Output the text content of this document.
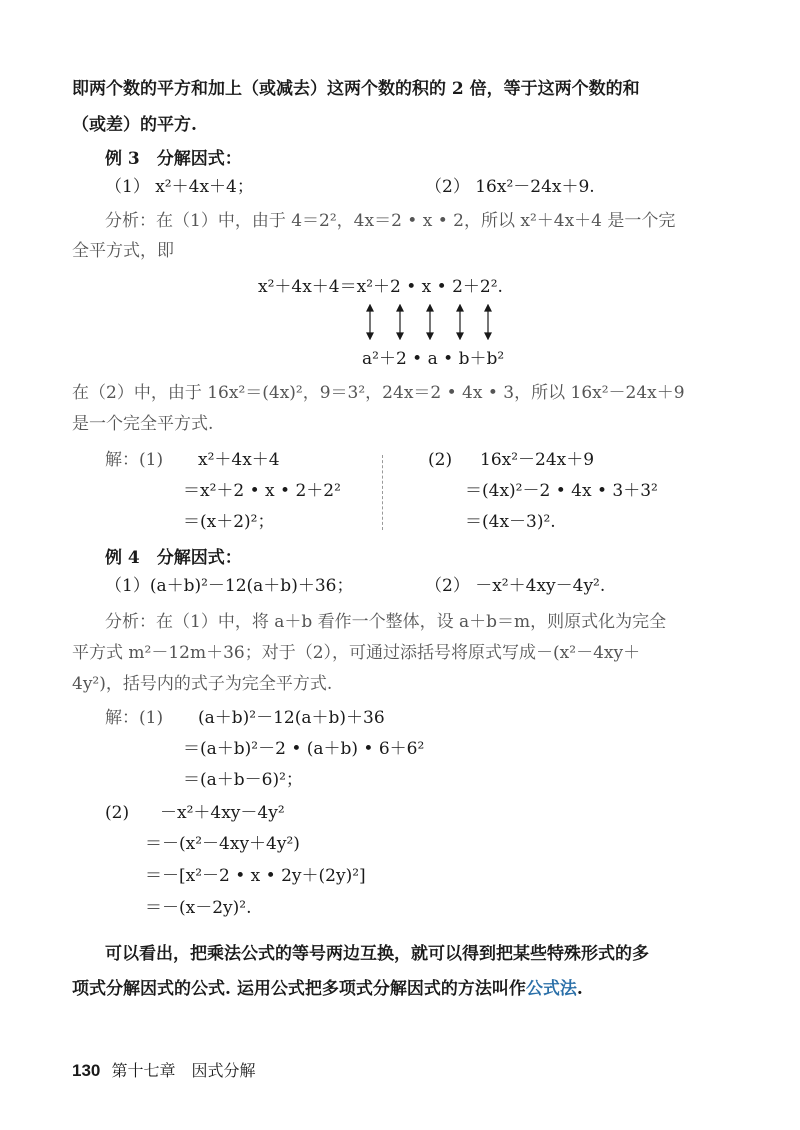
即两个数的平方和加上（或减去）这两个数的积的 2 倍，等于这两个数的和
（或差）的平方.
例 3　分解因式：
（1） x²＋4x＋4；	（2） 16x²－24x＋9.
分析：在（1）中，由于 4＝2²，4x＝2 • x • 2，所以 x²＋4x＋4 是一个完
全平方式，即
x²＋4x＋4＝x²＋2 • x • 2＋2².
a²＋2 • a • b＋b²
在（2）中，由于 16x²＝(4x)²，9＝3²，24x＝2 • 4x • 3，所以 16x²－24x＋9
是一个完全平方式.
解：(1) x²＋4x＋4
＝x²＋2 • x • 2＋2²
＝(x＋2)²；
(2) 16x²－24x＋9
＝(4x)²－2 • 4x • 3＋3²
＝(4x－3)².
例 4　分解因式：
（1）(a＋b)²－12(a＋b)＋36；	（2） －x²＋4xy－4y².
分析：在（1）中，将 a＋b 看作一个整体，设 a＋b＝m，则原式化为完全
平方式 m²－12m＋36；对于（2），可通过添括号将原式写成－(x²－4xy＋
4y²)，括号内的式子为完全平方式.
解：(1) (a＋b)²－12(a＋b)＋36
＝(a＋b)²－2 • (a＋b) • 6＋6²
＝(a＋b－6)²；
(2) －x²＋4xy－4y²
＝－(x²－4xy＋4y²)
＝－[x²－2 • x • 2y＋(2y)²]
＝－(x－2y)².
可以看出，把乘法公式的等号两边互换，就可以得到把某些特殊形式的多
项式分解因式的公式. 运用公式把多项式分解因式的方法叫作公式法.
130 第十七章　因式分解
